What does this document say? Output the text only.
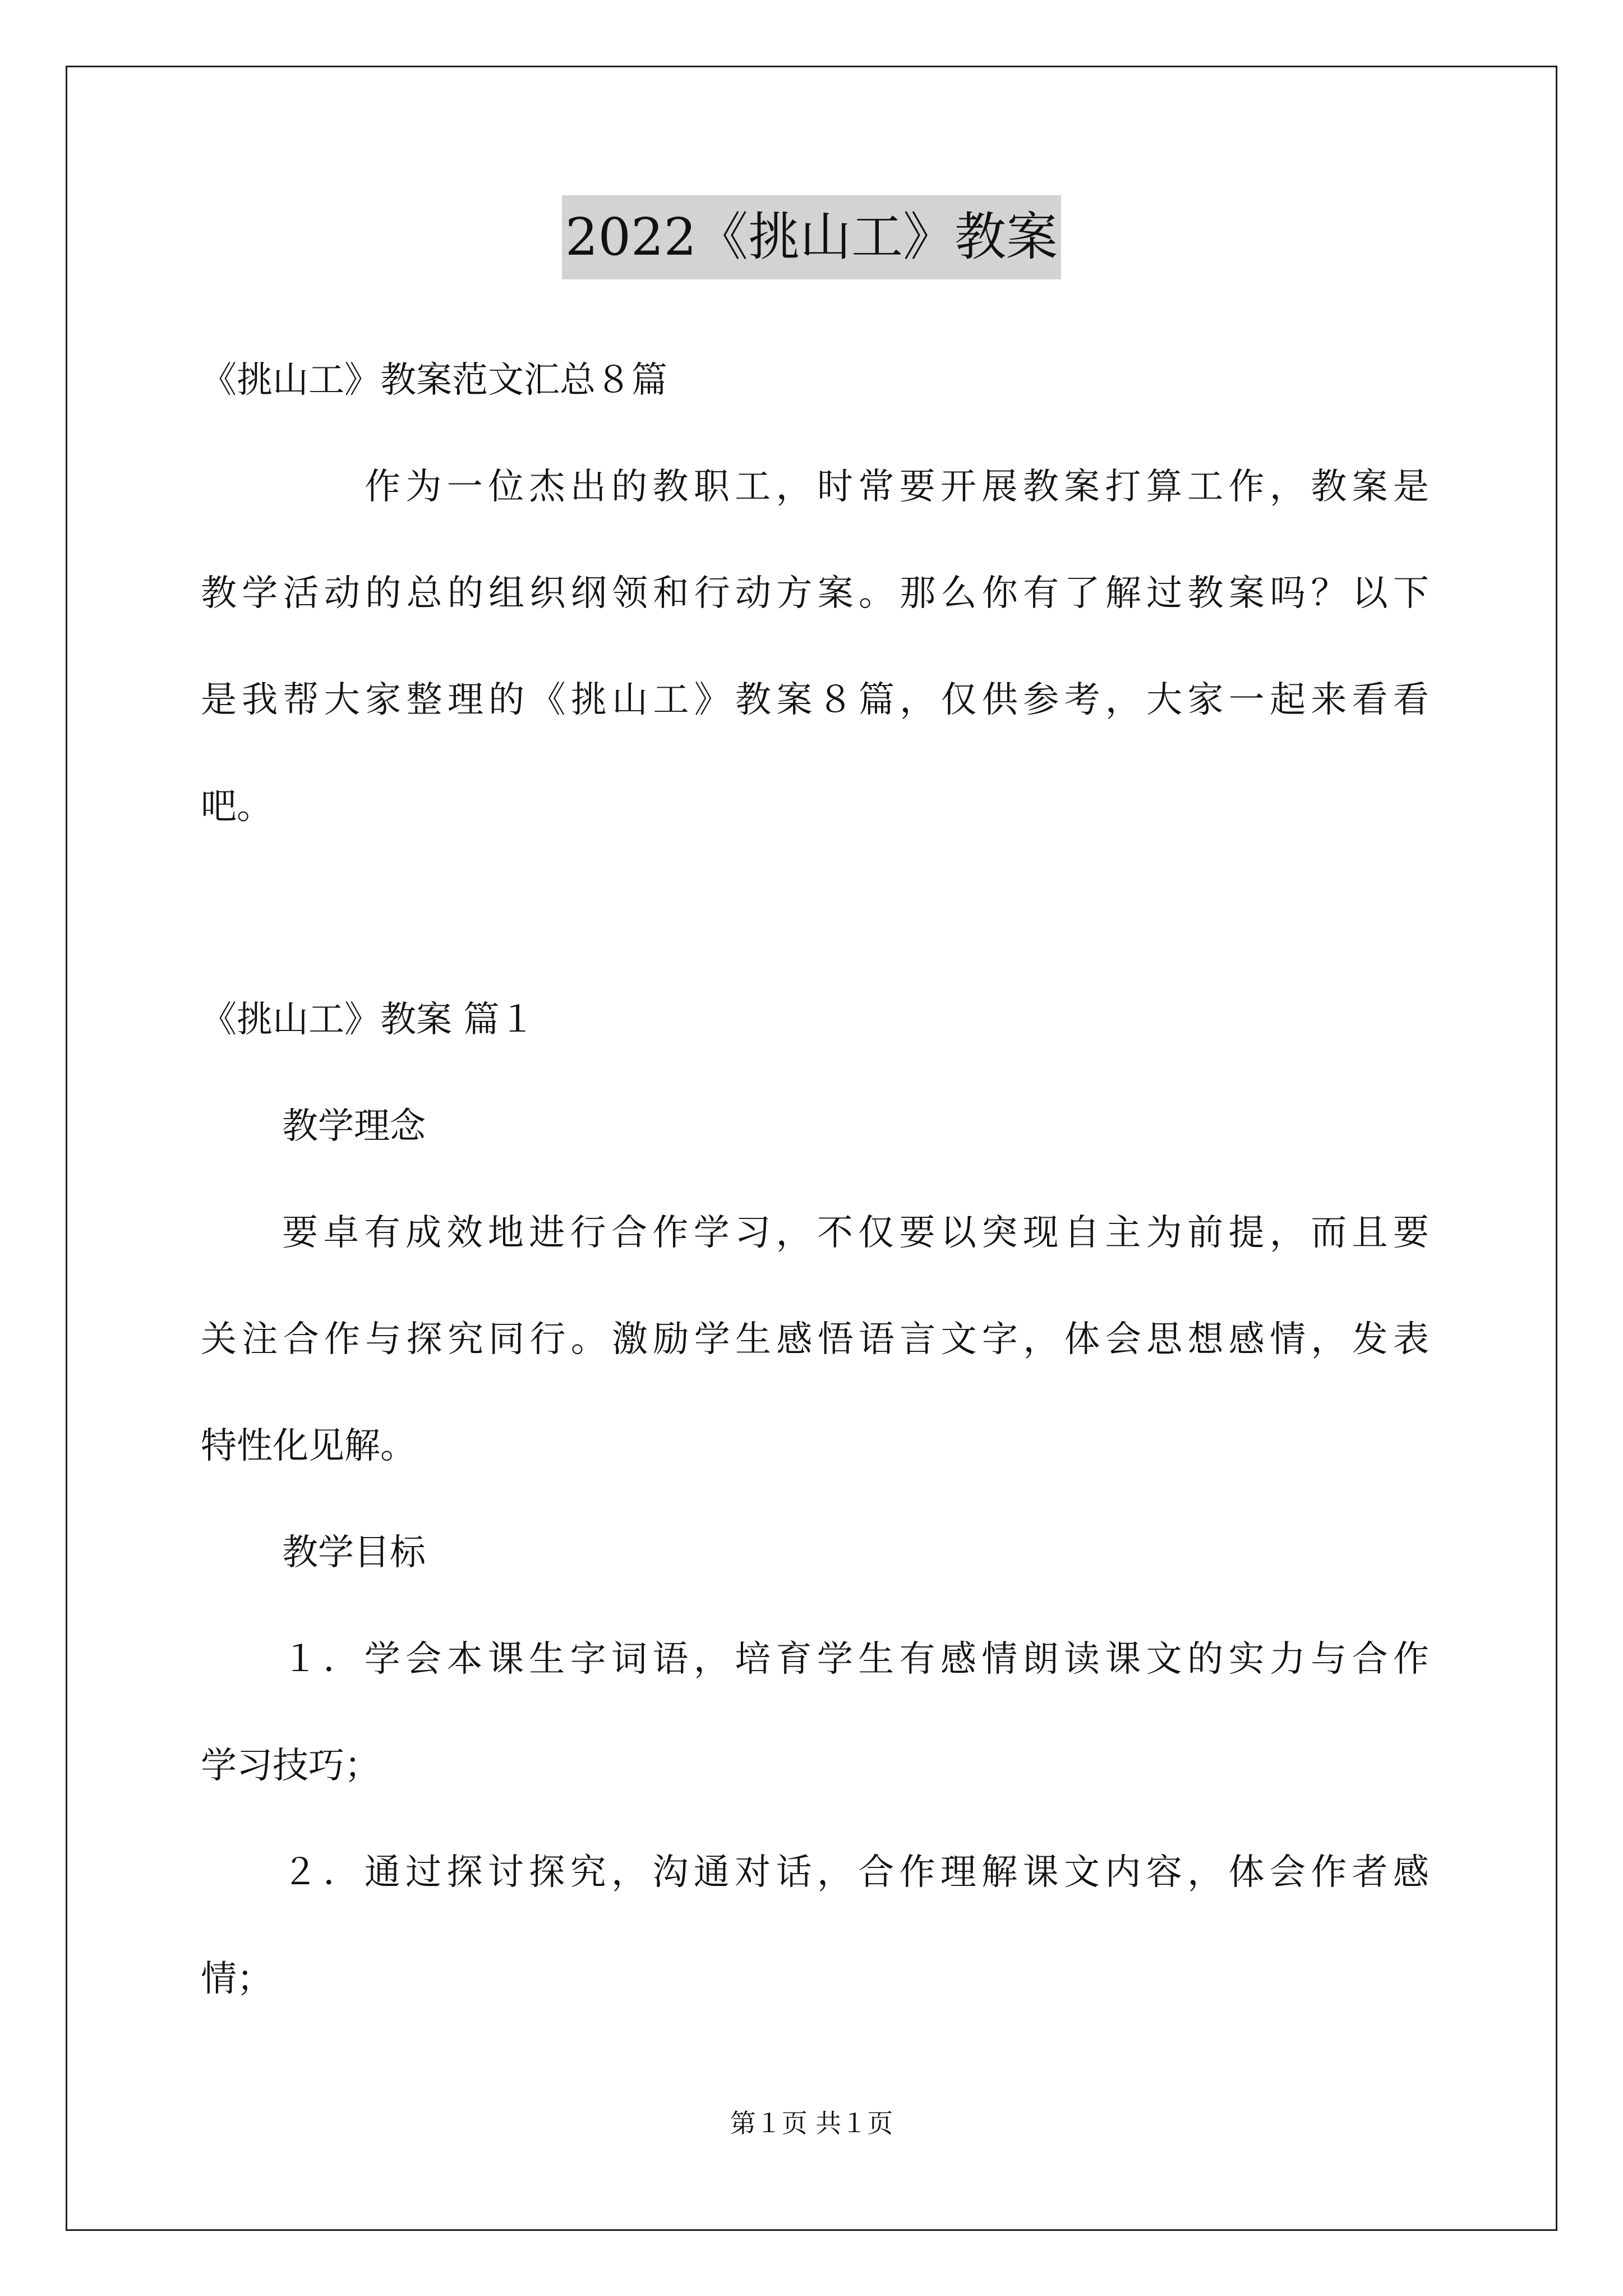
2022《挑山工》教案
《挑山工》教案范文汇总８篇
作为一位杰出的教职工，时常要开展教案打算工作，教案是
教学活动的总的组织纲领和行动方案。那么你有了解过教案吗？以下
是我帮大家整理的《挑山工》教案８篇，仅供参考，大家一起来看看
吧。
《挑山工》教案 篇１
教学理念
要卓有成效地进行合作学习，不仅要以突现自主为前提，而且要
关注合作与探究同行。激励学生感悟语言文字，体会思想感情，发表
特性化见解。
教学目标
１．学会本课生字词语，培育学生有感情朗读课文的实力与合作
学习技巧；
２．通过探讨探究，沟通对话，合作理解课文内容，体会作者感
情；
第１页 共１页
